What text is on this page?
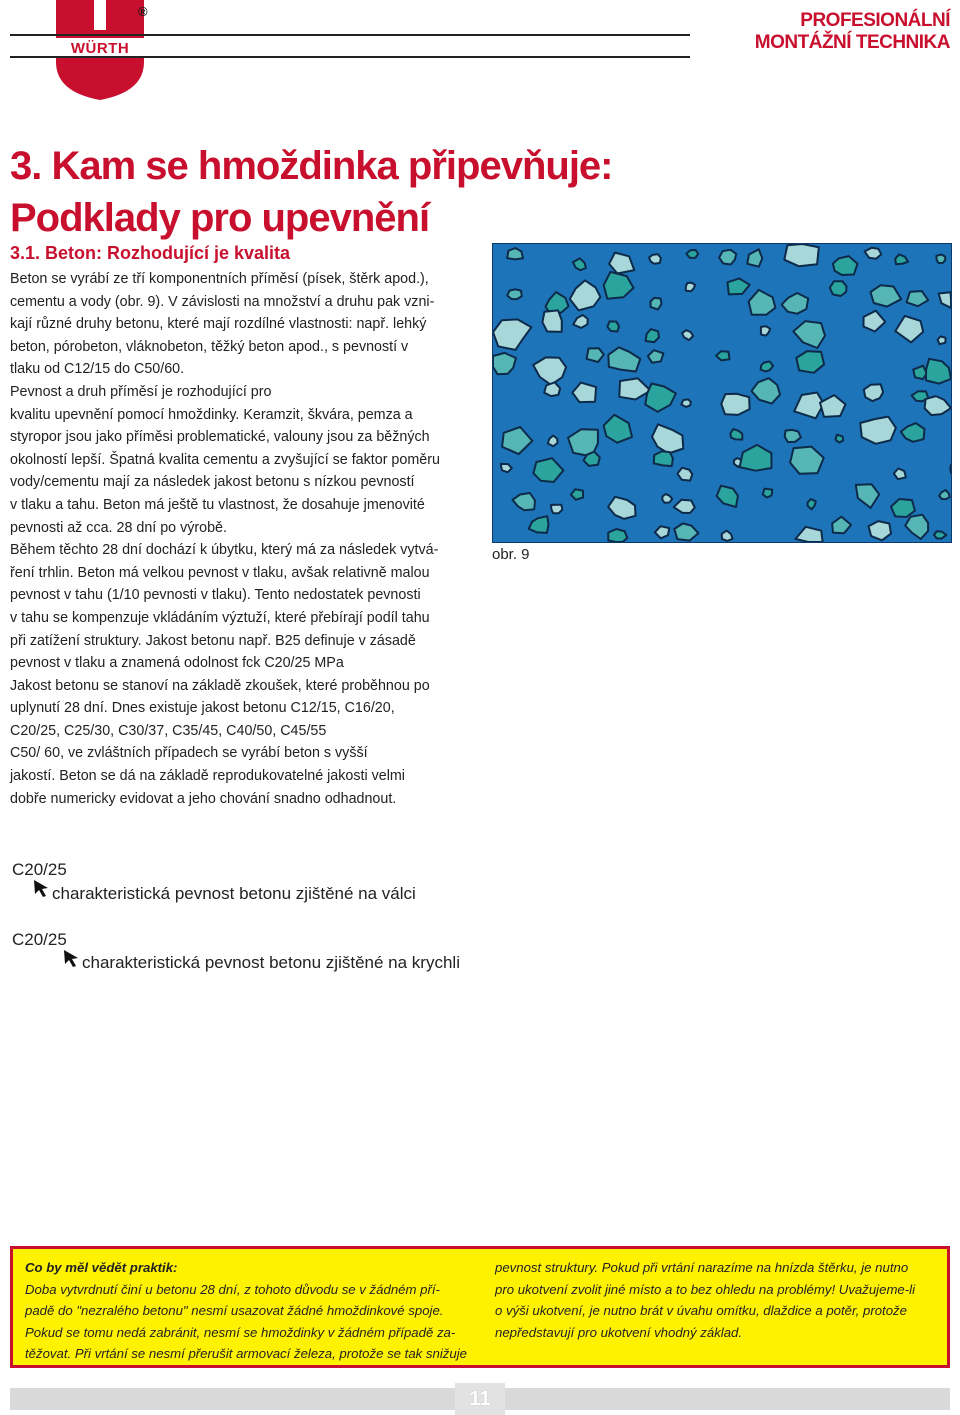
WÜRTH
®	PROFESIONÁLNÍ
MONTÁŽNÍ TECHNIKA
3. Kam se hmoždinka připevňuje:
Podklady pro upevnění
3.1. Beton: Rozhodující je kvalita

Beton se vyrábí ze tří komponentních příměsí (písek, štěrk apod.),

cementu a vody (obr. 9). V závislosti na množství a druhu pak vzni-

kají různé druhy betonu, které mají rozdílné vlastnosti: např. lehký

beton, pórobeton, vláknobeton, těžký beton apod., s pevností v

tlaku od C12/15 do C50/60.

Pevnost a druh příměsí je rozhodující pro

kvalitu upevnění pomocí hmoždinky. Keramzit, škvára, pemza a

styropor jsou jako příměsi problematické, valouny jsou za běžných

okolností lepší. Špatná kvalita cementu a zvyšující se faktor poměru

vody/cementu mají za následek jakost betonu s nízkou pevností

v tlaku a tahu. Beton má ještě tu vlastnost, že dosahuje jmenovité

pevnosti až cca. 28 dní po výrobě.

Během těchto 28 dní dochází k úbytku, který má za následek vytvá-

ření trhlin. Beton má velkou pevnost v tlaku, avšak relativně malou

pevnost v tahu (1/10 pevnosti v tlaku). Tento nedostatek pevnosti

v tahu se kompenzuje vkládáním výztuží, které přebírají podíl tahu

při zatížení struktury. Jakost betonu např. B25 definuje v zásadě

pevnost v tlaku a znamená odolnost fck C20/25 MPa

Jakost betonu se stanoví na základě zkoušek, které proběhnou po

uplynutí 28 dní. Dnes existuje jakost betonu C12/15, C16/20,

C20/25, C25/30, C30/37, C35/45, C40/50, C45/55

C50/ 60, ve zvláštních případech se vyrábí beton s vyšší

jakostí. Beton se dá na základě reprodukovatelné jakosti velmi

dobře numericky evidovat a jeho chování snadno odhadnout.

obr. 9
C20/25
charakteristická pevnost betonu zjištěné na válci
C20/25
charakteristická pevnost betonu zjištěné na krychli
Co by měl vědět praktik:
Doba vytvrdnutí činí u betonu 28 dní, z tohoto důvodu se v žádném pří-
padě do "nezralého betonu" nesmí usazovat žádné hmoždinkové spoje.
Pokud se tomu nedá zabránit, nesmí se hmoždinky v žádném případě za-
těžovat. Při vrtání se nesmí přerušit armovací železa, protože se tak snižuje
pevnost struktury. Pokud při vrtání narazíme na hnízda štěrku, je nutno
pro ukotvení zvolit jiné místo a to bez ohledu na problémy! Uvažujeme-li
o výši ukotvení, je nutno brát v úvahu omítku, dlaždice a potěr, protože
nepředstavují pro ukotvení vhodný základ.
11
